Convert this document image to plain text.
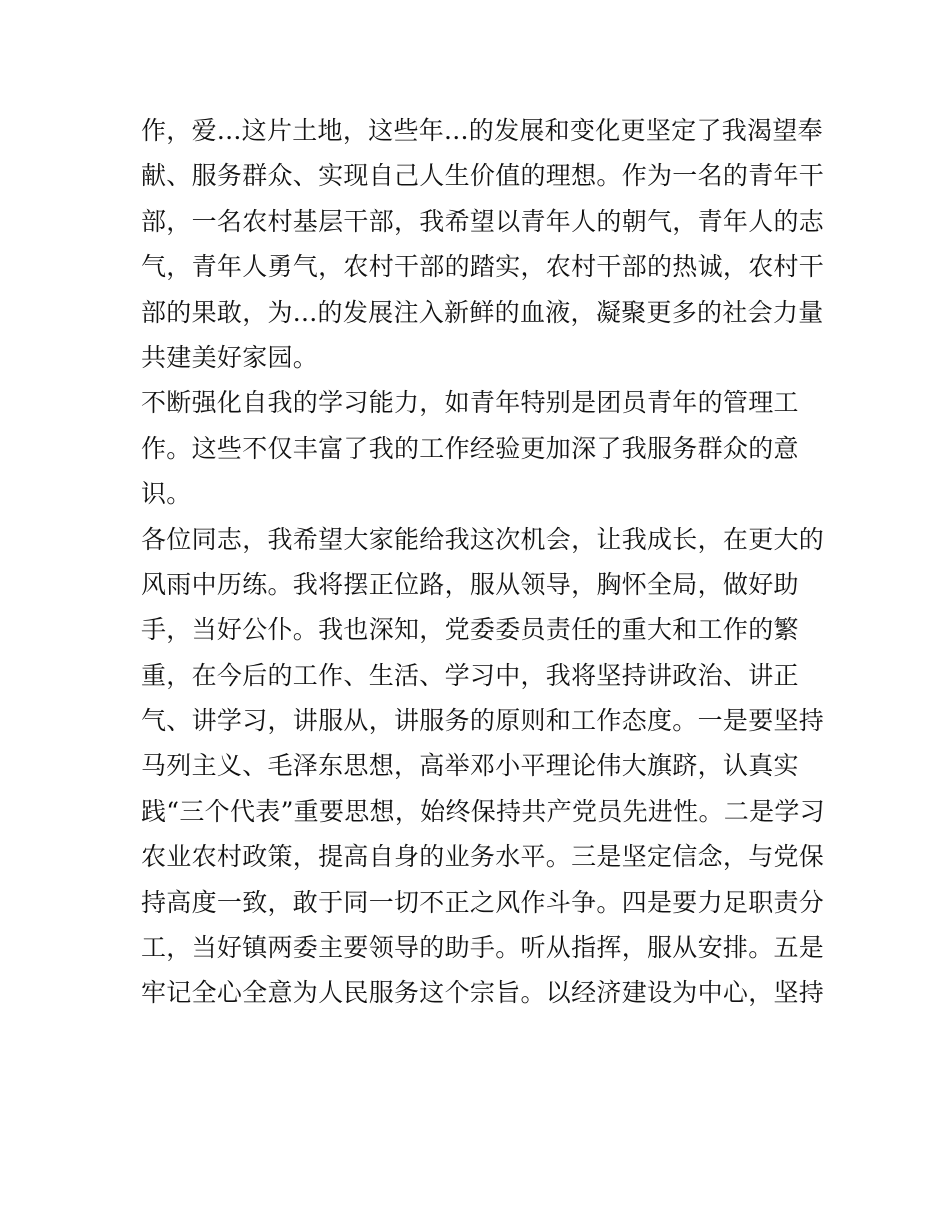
作，爱...这片土地，这些年...的发展和变化更坚定了我渴望奉
献、服务群众、实现自己人生价值的理想。作为一名的青年干
部，一名农村基层干部，我希望以青年人的朝气，青年人的志
气，青年人勇气，农村干部的踏实，农村干部的热诚，农村干
部的果敢，为...的发展注入新鲜的血液，凝聚更多的社会力量
共建美好家园。
不断强化自我的学习能力，如青年特别是团员青年的管理工
作。这些不仅丰富了我的工作经验更加深了我服务群众的意
识。
各位同志，我希望大家能给我这次机会，让我成长，在更大的
风雨中历练。我将摆正位路，服从领导，胸怀全局，做好助
手，当好公仆。我也深知，党委委员责任的重大和工作的繁
重，在今后的工作、生活、学习中，我将坚持讲政治、讲正
气、讲学习，讲服从，讲服务的原则和工作态度。一是要坚持
马列主义、毛泽东思想，高举邓小平理论伟大旗跻，认真实
践“三个代表”重要思想，始终保持共产党员先进性。二是学习
农业农村政策，提高自身的业务水平。三是坚定信念，与党保
持高度一致，敢于同一切不正之风作斗争。四是要力足职责分
工，当好镇两委主要领导的助手。听从指挥，服从安排。五是
牢记全心全意为人民服务这个宗旨。以经济建设为中心，坚持
